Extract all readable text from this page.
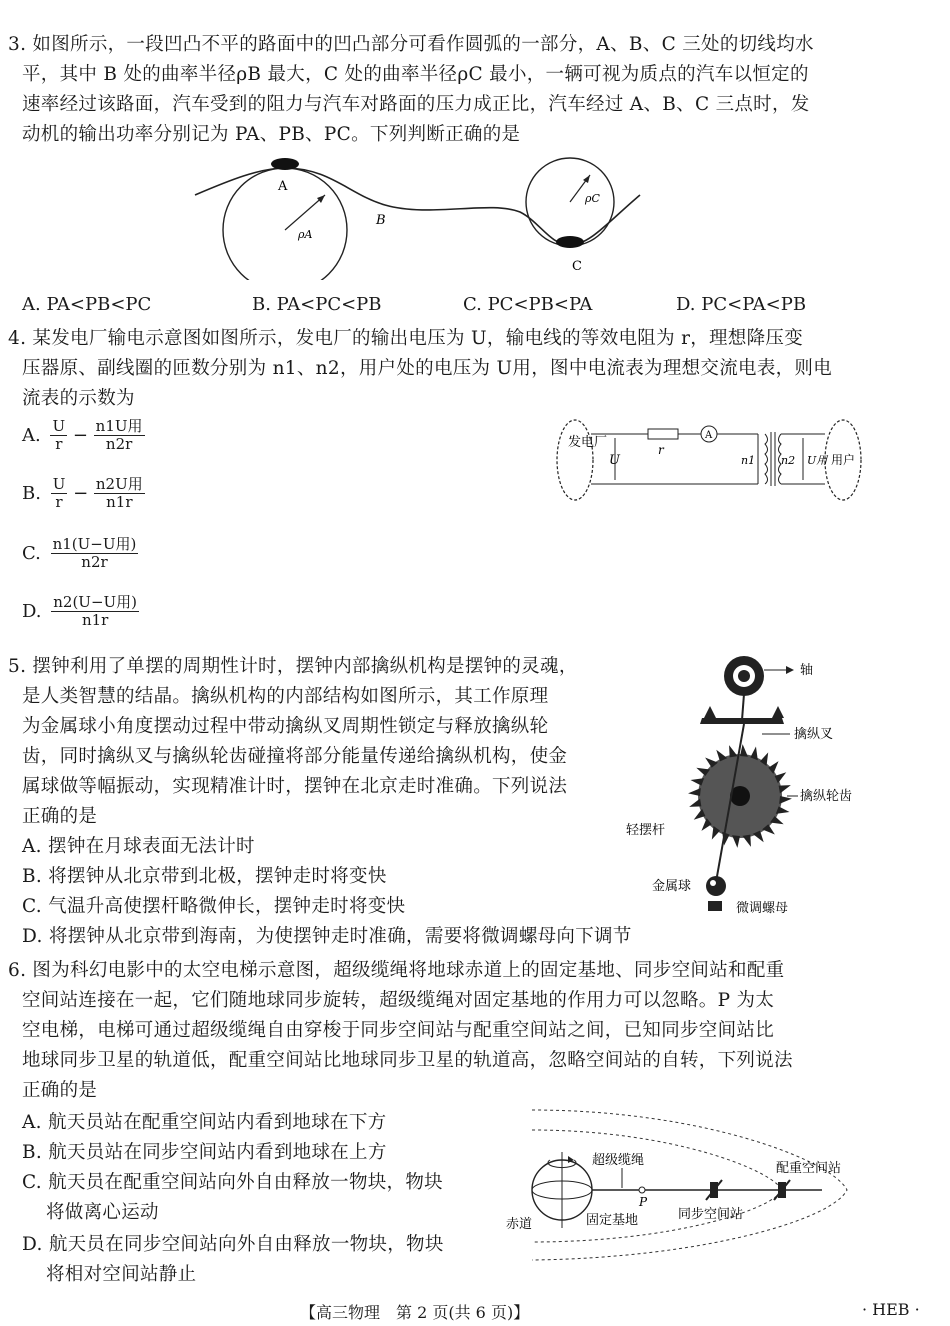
3. 如图所示，一段凹凸不平的路面中的凹凸部分可看作圆弧的一部分，A、B、C 三处的切线均水
平，其中 B 处的曲率半径ρB 最大，C 处的曲率半径ρC 最小，一辆可视为质点的汽车以恒定的
速率经过该路面，汽车受到的阻力与汽车对路面的压力成正比，汽车经过 A、B、C 三点时，发
动机的输出功率分别记为 PA、PB、PC。下列判断正确的是
A
B
C
ρA
ρC
A. PA<PB<PC	B. PA<PC<PB	C. PC<PB<PA	D. PC<PA<PB
4. 某发电厂输电示意图如图所示，发电厂的输出电压为 U，输电线的等效电阻为 r，理想降压变
压器原、副线圈的匝数分别为 n1、n2，用户处的电压为 U用，图中电流表为理想交流电表，则电
流表的示数为
A. $\frac{U}{r} - \frac{\text{n1U用}}{n2r}$
B. $\frac{U}{r} - \frac{\text{n2U用}}{n1r}$
C. $\frac{\text{n1(U−U用)}}{n2r}$
D. $\frac{\text{n2(U−U用)}}{n1r}$
发电厂	A
U
r
n1 n2 U用 用户
5. 摆钟利用了单摆的周期性计时，摆钟内部擒纵机构是摆钟的灵魂，
是人类智慧的结晶。擒纵机构的内部结构如图所示，其工作原理
为金属球小角度摆动过程中带动擒纵叉周期性锁定与释放擒纵轮
齿，同时擒纵叉与擒纵轮齿碰撞将部分能量传递给擒纵机构，使金
属球做等幅振动，实现精准计时，摆钟在北京走时准确。下列说法
正确的是
A. 摆钟在月球表面无法计时
B. 将摆钟从北京带到北极，摆钟走时将变快
C. 气温升高使摆杆略微伸长，摆钟走时将变快
D. 将摆钟从北京带到海南，为使摆钟走时准确，需要将微调螺母向下调节
轴
擒纵叉
擒纵轮齿
轻摆杆
金属球
微调螺母
6. 图为科幻电影中的太空电梯示意图，超级缆绳将地球赤道上的固定基地、同步空间站和配重
空间站连接在一起，它们随地球同步旋转，超级缆绳对固定基地的作用力可以忽略。P 为太
空电梯，电梯可通过超级缆绳自由穿梭于同步空间站与配重空间站之间，已知同步空间站比
地球同步卫星的轨道低，配重空间站比地球同步卫星的轨道高，忽略空间站的自转，下列说法
正确的是
A. 航天员站在配重空间站内看到地球在下方
B. 航天员站在同步空间站内看到地球在上方
C. 航天员在配重空间站向外自由释放一物块，物块
将做离心运动
D. 航天员在同步空间站向外自由释放一物块，物块
将相对空间站静止
P
超级缆绳
配重空间站
赤道	固定基地	同步空间站
【高三物理　第 2 页(共 6 页)】	· HEB ·
